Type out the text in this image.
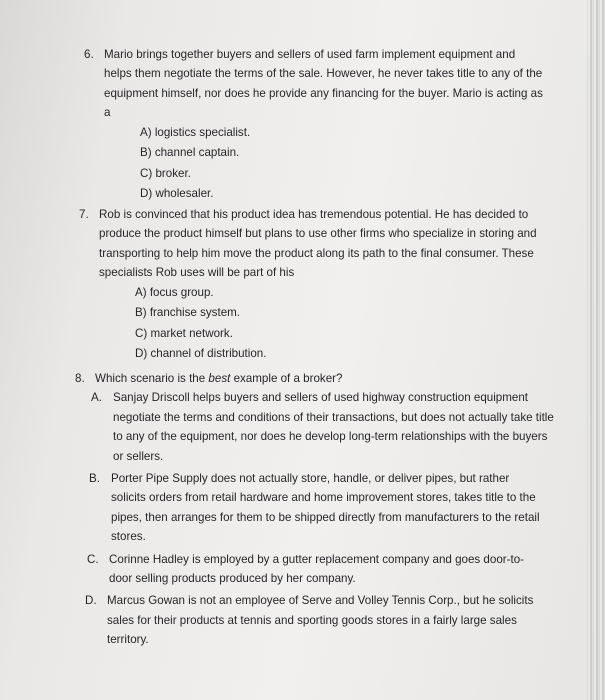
6. Mario brings together buyers and sellers of used farm implement equipment and helps them negotiate the terms of the sale. However, he never takes title to any of the equipment himself, nor does he provide any financing for the buyer. Mario is acting as a

A) logistics specialist.
B) channel captain.
C) broker.
D) wholesaler.
7. Rob is convinced that his product idea has tremendous potential. He has decided to produce the product himself but plans to use other firms who specialize in storing and transporting to help him move the product along its path to the final consumer. These specialists Rob uses will be part of his

A) focus group.
B) franchise system.
C) market network.
D) channel of distribution.
8. Which scenario is the best example of a broker?

A. Sanjay Driscoll helps buyers and sellers of used highway construction equipment negotiate the terms and conditions of their transactions, but does not actually take title to any of the equipment, nor does he develop long-term relationships with the buyers or sellers.
B. Porter Pipe Supply does not actually store, handle, or deliver pipes, but rather solicits orders from retail hardware and home improvement stores, takes title to the pipes, then arranges for them to be shipped directly from manufacturers to the retail stores.
C. Corinne Hadley is employed by a gutter replacement company and goes door-to-door selling products produced by her company.
D. Marcus Gowan is not an employee of Serve and Volley Tennis Corp., but he solicits sales for their products at tennis and sporting goods stores in a fairly large sales territory.
